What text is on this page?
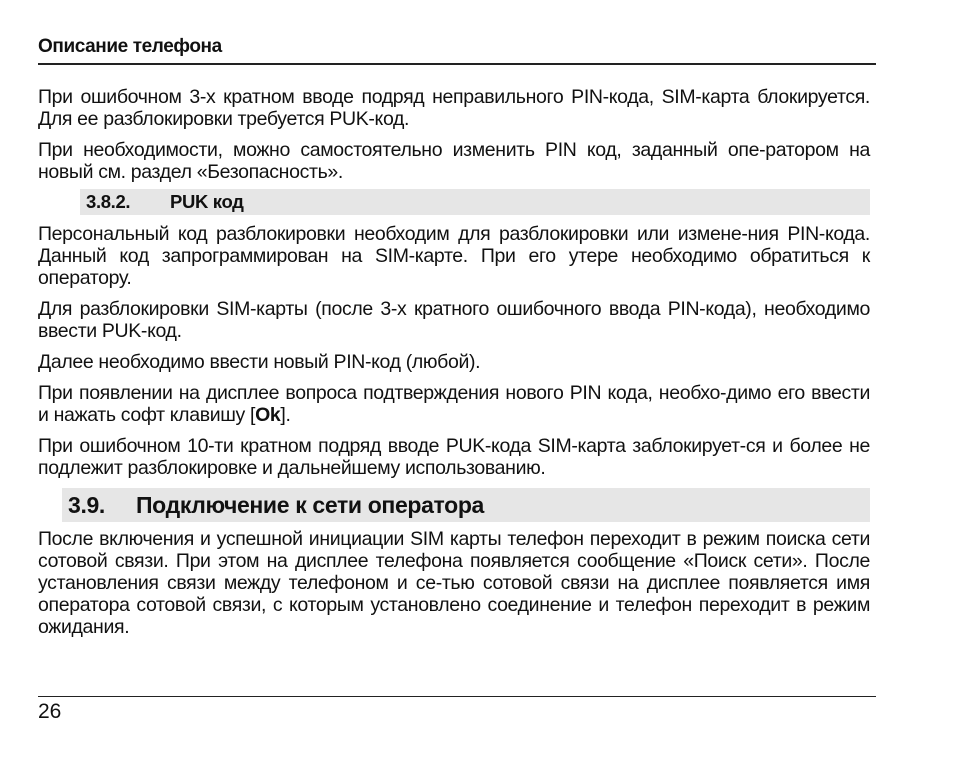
Описание телефона

При ошибочном 3-х кратном вводе подряд неправильного PIN-кода, SIM-карта блокируется. Для ее разблокировки требуется PUK-код.

При необходимости, можно самостоятельно изменить PIN код, заданный опе-ратором на новый см. раздел «Безопасность».

3.8.2. PUK код

Персональный код разблокировки необходим для разблокировки или измене-ния PIN-кода. Данный код запрограммирован на SIM-карте. При его утере необходимо обратиться к оператору.

Для разблокировки SIM-карты (после 3-х кратного ошибочного ввода PIN-кода), необходимо ввести PUK-код.

Далее необходимо ввести новый PIN-код (любой).

При появлении на дисплее вопроса подтверждения нового PIN кода, необхо-димо его ввести и нажать софт клавишу [Ok].

При ошибочном 10-ти кратном подряд вводе PUK-кода SIM-карта заблокирует-ся и более не подлежит разблокировке и дальнейшему использованию.

3.9. Подключение к сети оператора

После включения и успешной инициации SIM карты телефон переходит в режим поиска сети сотовой связи. При этом на дисплее телефона появляется сообщение «Поиск сети». После установления связи между телефоном и се-тью сотовой связи на дисплее появляется имя оператора сотовой связи, с которым установлено соединение и телефон переходит в режим ожидания.

26
